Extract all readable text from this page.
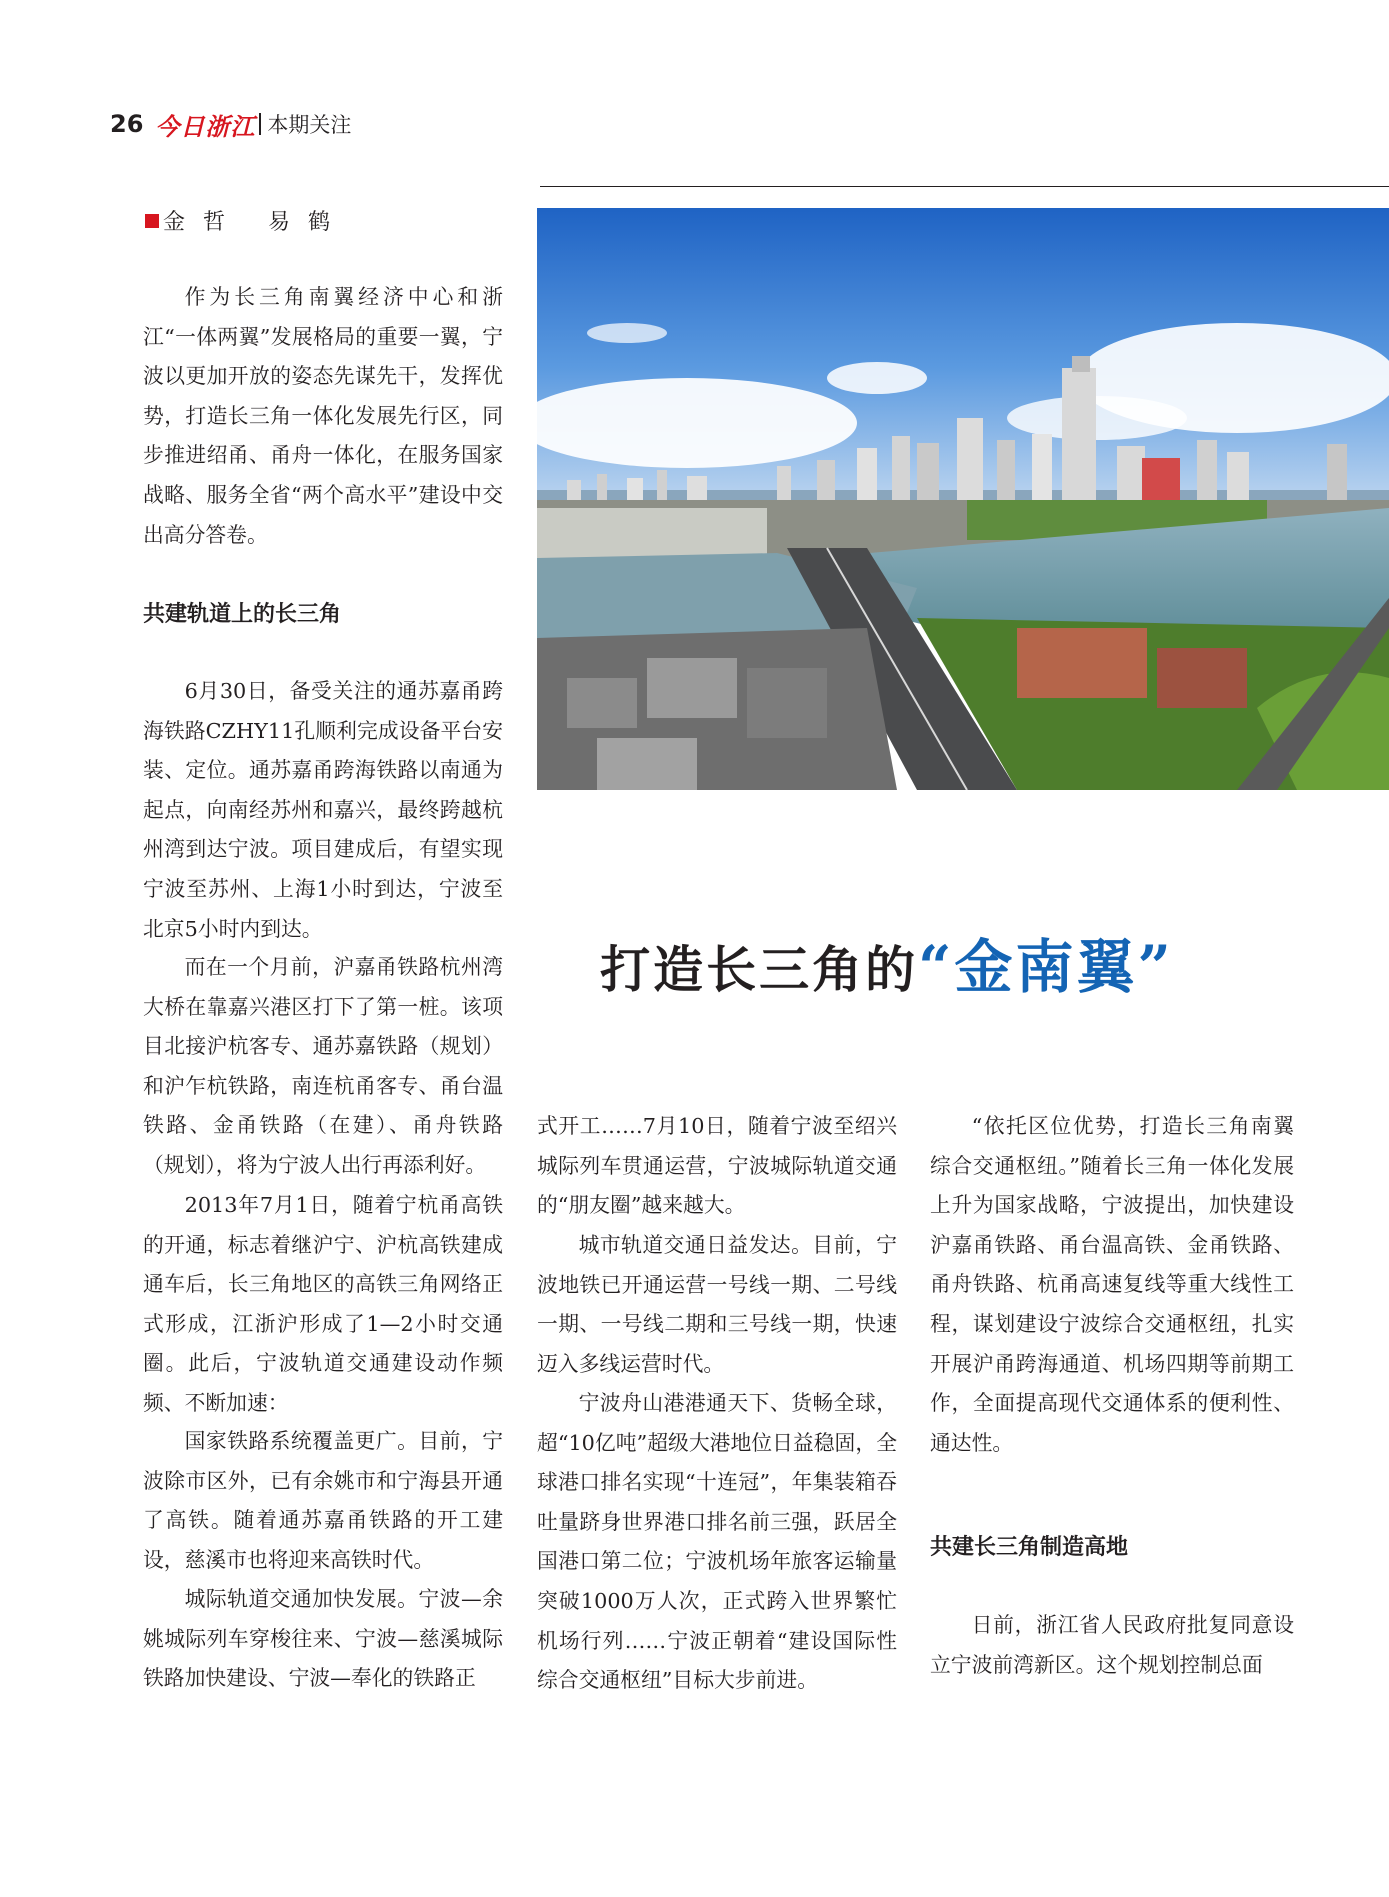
26 今日浙江 本期关注
金哲 易鹤
打造长三角的“金南翼”

作为长三角南翼经济中心和浙江“一体两翼”发展格局的重要一翼，宁波以更加开放的姿态先谋先干，发挥优势，打造长三角一体化发展先行区，同步推进绍甬、甬舟一体化，在服务国家战略、服务全省“两个高水平”建设中交出高分答卷。

共建轨道上的长三角

6月30日，备受关注的通苏嘉甬跨海铁路CZHY11孔顺利完成设备平台安装、定位。通苏嘉甬跨海铁路以南通为起点，向南经苏州和嘉兴，最终跨越杭州湾到达宁波。项目建成后，有望实现宁波至苏州、上海1小时到达，宁波至北京5小时内到达。

而在一个月前，沪嘉甬铁路杭州湾大桥在靠嘉兴港区打下了第一桩。该项目北接沪杭客专、通苏嘉铁路（规划）和沪乍杭铁路，南连杭甬客专、甬台温铁路、金甬铁路（在建）、甬舟铁路（规划），将为宁波人出行再添利好。

2013年7月1日，随着宁杭甬高铁的开通，标志着继沪宁、沪杭高铁建成通车后，长三角地区的高铁三角网络正式形成，江浙沪形成了1—2小时交通圈。此后，宁波轨道交通建设动作频频、不断加速：

国家铁路系统覆盖更广。目前，宁波除市区外，已有余姚市和宁海县开通了高铁。随着通苏嘉甬铁路的开工建设，慈溪市也将迎来高铁时代。

城际轨道交通加快发展。宁波—余姚城际列车穿梭往来、宁波—慈溪城际铁路加快建设、宁波—奉化的铁路正

式开工……7月10日，随着宁波至绍兴城际列车贯通运营，宁波城际轨道交通的“朋友圈”越来越大。

城市轨道交通日益发达。目前，宁波地铁已开通运营一号线一期、二号线一期、一号线二期和三号线一期，快速迈入多线运营时代。

宁波舟山港港通天下、货畅全球，超“10亿吨”超级大港地位日益稳固，全球港口排名实现“十连冠”，年集装箱吞吐量跻身世界港口排名前三强，跃居全国港口第二位；宁波机场年旅客运输量突破1000万人次，正式跨入世界繁忙机场行列……宁波正朝着“建设国际性综合交通枢纽”目标大步前进。

“依托区位优势，打造长三角南翼综合交通枢纽。”随着长三角一体化发展上升为国家战略，宁波提出，加快建设沪嘉甬铁路、甬台温高铁、金甬铁路、甬舟铁路、杭甬高速复线等重大线性工程，谋划建设宁波综合交通枢纽，扎实开展沪甬跨海通道、机场四期等前期工作，全面提高现代交通体系的便利性、通达性。

共建长三角制造高地

日前，浙江省人民政府批复同意设立宁波前湾新区。这个规划控制总面
